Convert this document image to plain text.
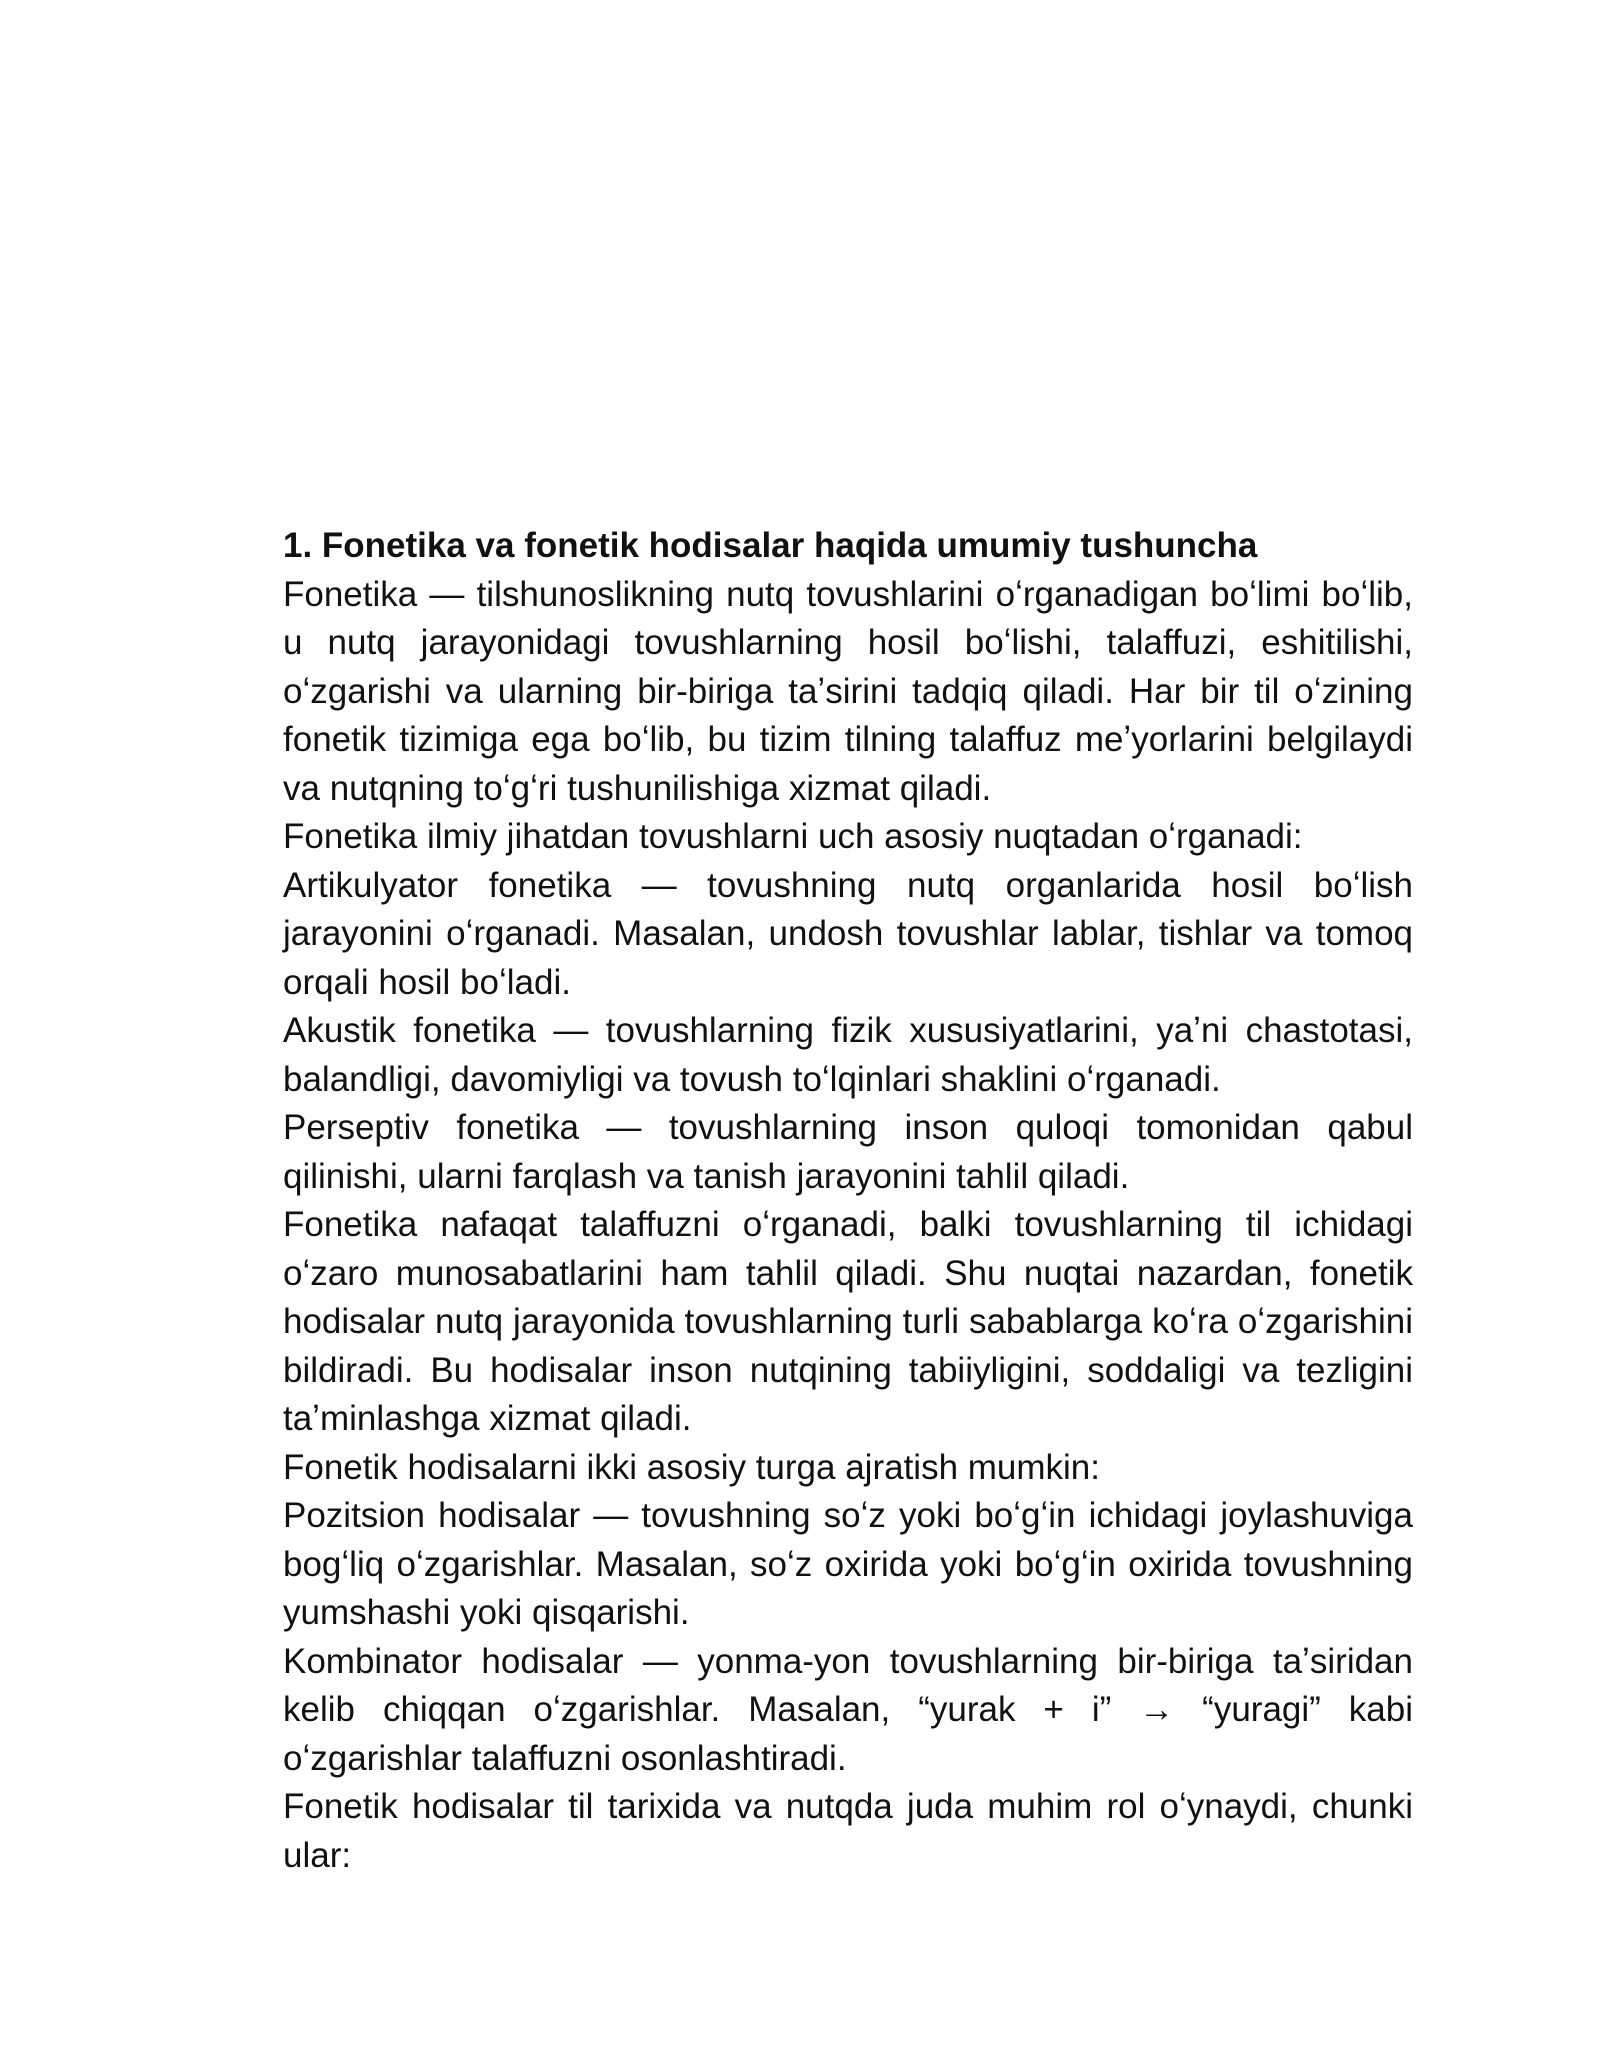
1. Fonetika va fonetik hodisalar haqida umumiy tushuncha

Fonetika — tilshunoslikning nutq tovushlarini oʻrganadigan boʻlimi boʻlib, u nutq jarayonidagi tovushlarning hosil boʻlishi, talaffuzi, eshitilishi, oʻzgarishi va ularning bir-biriga taʼsirini tadqiq qiladi. Har bir til oʻzining fonetik tizimiga ega boʻlib, bu tizim tilning talaffuz meʼyorlarini belgilaydi va nutqning toʻgʻri tushunilishiga xizmat qiladi.

Fonetika ilmiy jihatdan tovushlarni uch asosiy nuqtadan oʻrganadi:

Artikulyator fonetika — tovushning nutq organlarida hosil boʻlish jarayonini oʻrganadi. Masalan, undosh tovushlar lablar, tishlar va tomoq orqali hosil boʻladi.

Akustik fonetika — tovushlarning fizik xususiyatlarini, yaʼni chastotasi, balandligi, davomiyligi va tovush toʻlqinlari shaklini oʻrganadi.

Perseptiv fonetika — tovushlarning inson quloqi tomonidan qabul qilinishi, ularni farqlash va tanish jarayonini tahlil qiladi.

Fonetika nafaqat talaffuzni oʻrganadi, balki tovushlarning til ichidagi oʻzaro munosabatlarini ham tahlil qiladi. Shu nuqtai nazardan, fonetik hodisalar nutq jarayonida tovushlarning turli sabablarga koʻra oʻzgarishini bildiradi. Bu hodisalar inson nutqining tabiiyligini, soddaligi va tezligini taʼminlashga xizmat qiladi.

Fonetik hodisalarni ikki asosiy turga ajratish mumkin:

Pozitsion hodisalar — tovushning soʻz yoki boʻgʻin ichidagi joylashuviga bogʻliq oʻzgarishlar. Masalan, soʻz oxirida yoki boʻgʻin oxirida tovushning yumshashi yoki qisqarishi.

Kombinator hodisalar — yonma-yon tovushlarning bir-biriga taʼsiridan kelib chiqqan oʻzgarishlar. Masalan, “yurak + i” → “yuragi” kabi oʻzgarishlar talaffuzni osonlashtiradi.

Fonetik hodisalar til tarixida va nutqda juda muhim rol oʻynaydi, chunki ular:
